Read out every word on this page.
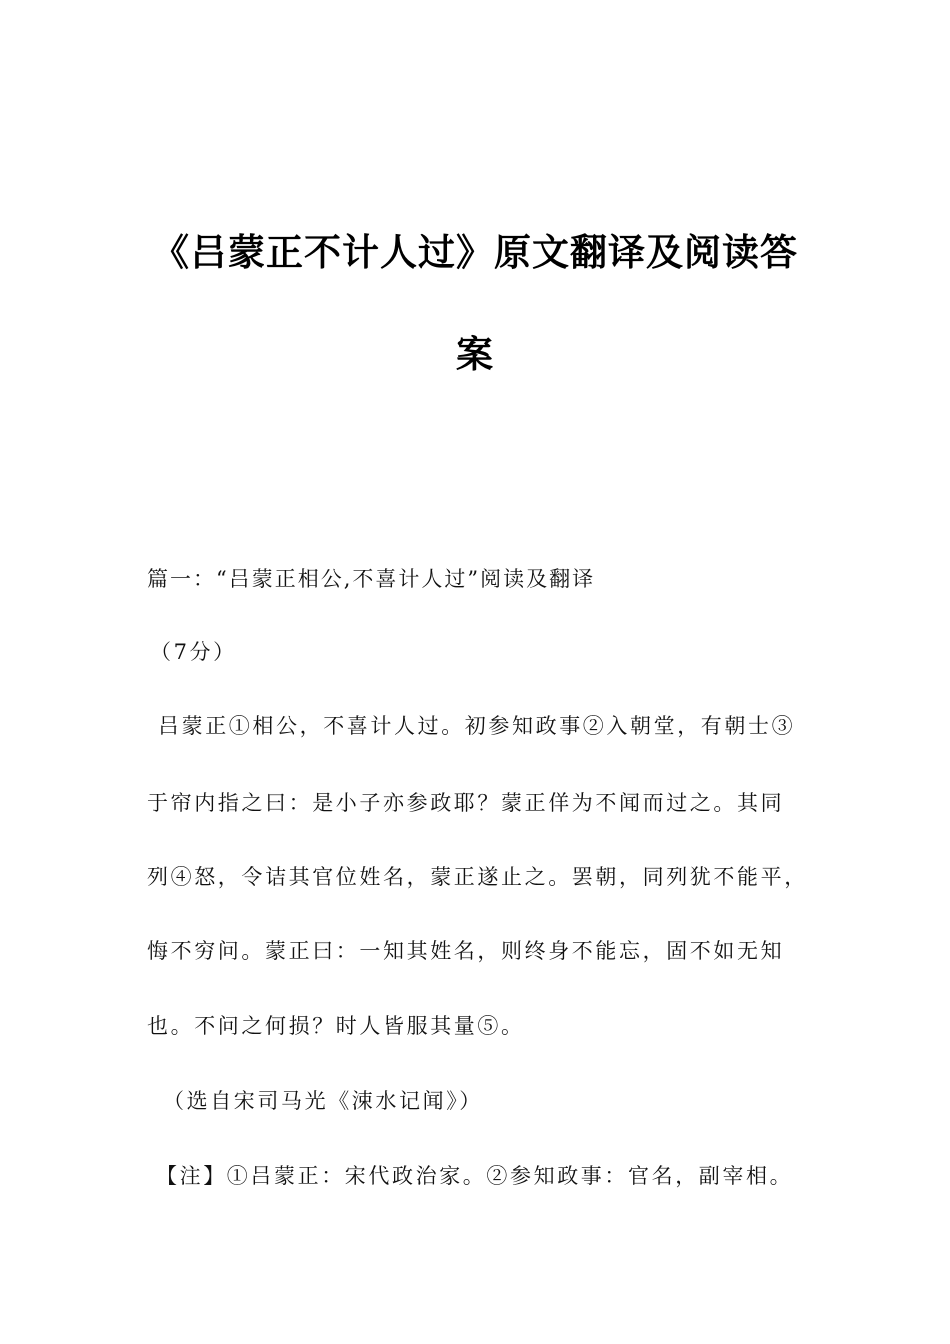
《吕蒙正不计人过》原文翻译及阅读答
案

篇一：“吕蒙正相公,不喜计人过”阅读及翻译

（7分）

吕蒙正①相公，不喜计人过。初参知政事②入朝堂，有朝士③

于帘内指之曰：是小子亦参政耶？蒙正佯为不闻而过之。其同

列④怒，令诘其官位姓名，蒙正遂止之。罢朝，同列犹不能平，

悔不穷问。蒙正曰：一知其姓名，则终身不能忘，固不如无知

也。不问之何损？时人皆服其量⑤。

（选自宋司马光《涑水记闻》）

【注】①吕蒙正：宋代政治家。②参知政事：官名，副宰相。
